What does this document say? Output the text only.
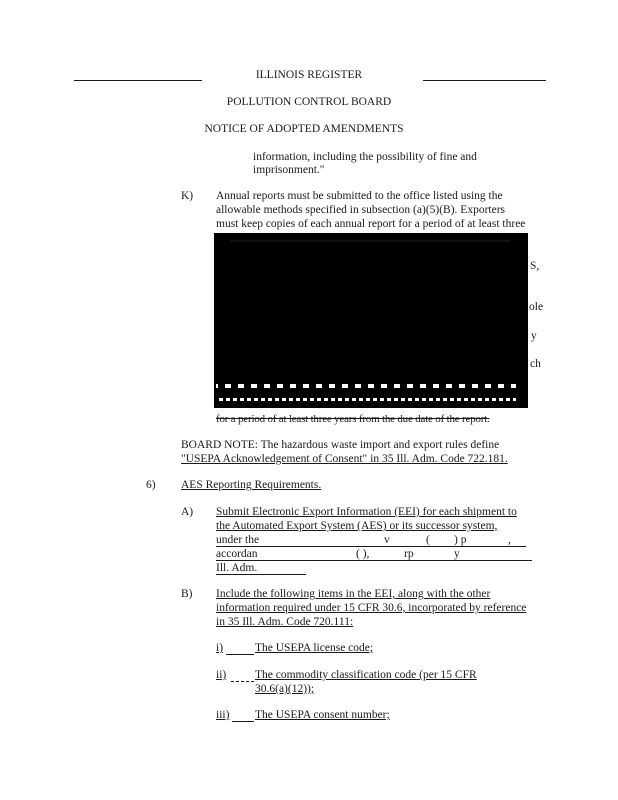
ILLINOIS REGISTER
POLLUTION CONTROL BOARD
NOTICE OF ADOPTED AMENDMENTS
information, including the possibility of fine and
imprisonment."
K) Annual reports must be submitted to the office listed using the
allowable methods specified in subsection (a)(5)(B). Exporters
must keep copies of each annual report for a period of at least three
S,
ole
y
ch
for a period of at least three years from the due date of the report.
BOARD NOTE: The hazardous waste import and export rules define
"USEPA Acknowledgement of Consent" in 35 Ill. Adm. Code 722.181.
6) AES Reporting Requirements.
A) Submit Electronic Export Information (EEI) for each shipment to
the Automated Export System (AES) or its successor system,
under the	v	( ) p	,
accordan	( ),	rp	y
Ill. Adm.
B) Include the following items in the EEI, along with the other
information required under 15 CFR 30.6, incorporated by reference
in 35 Ill. Adm. Code 720.111:
i)	The USEPA license code;
ii)	The commodity classification code (per 15 CFR
30.6(a)(12));
iii) The USEPA consent number;
